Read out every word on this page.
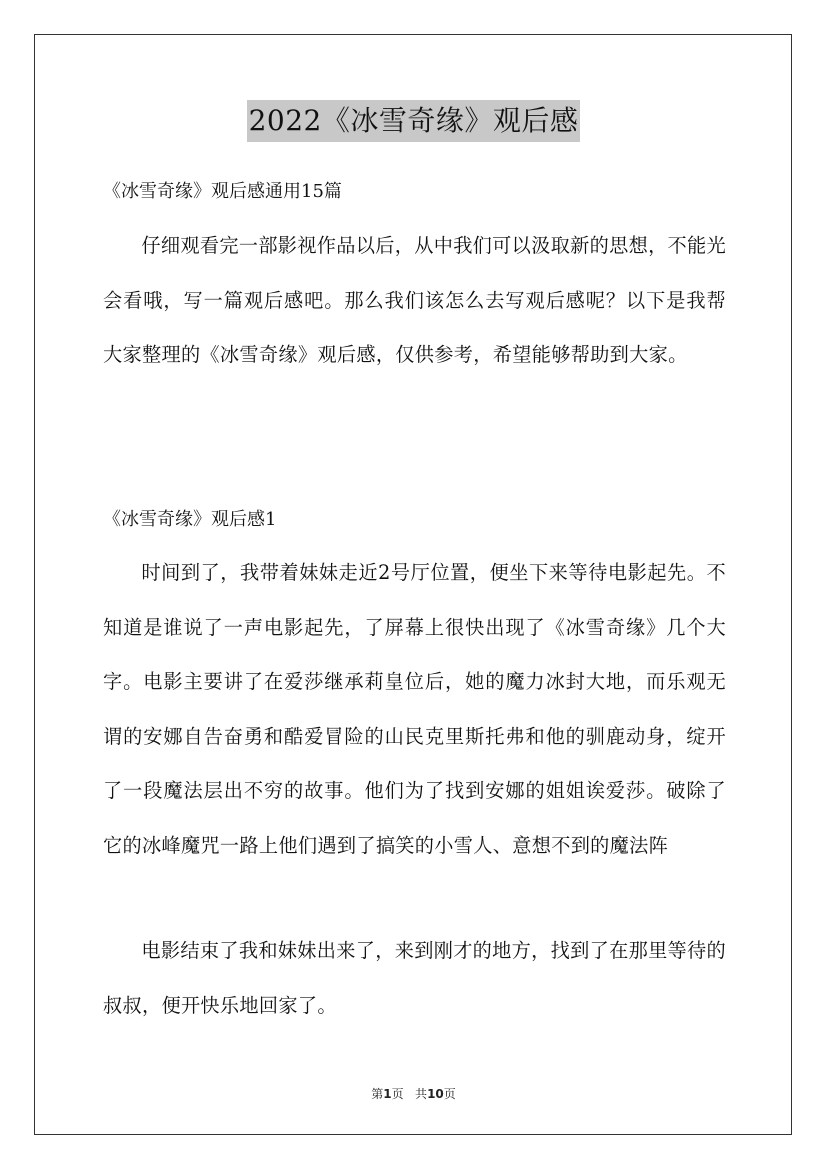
2022《冰雪奇缘》观后感

《冰雪奇缘》观后感通用15篇

仔细观看完一部影视作品以后，从中我们可以汲取新的思想，不能光会看哦，写一篇观后感吧。那么我们该怎么去写观后感呢？以下是我帮大家整理的《冰雪奇缘》观后感，仅供参考，希望能够帮助到大家。

《冰雪奇缘》观后感1

时间到了，我带着妹妹走近2号厅位置，便坐下来等待电影起先。不知道是谁说了一声电影起先，了屏幕上很快出现了《冰雪奇缘》几个大字。电影主要讲了在爱莎继承莉皇位后，她的魔力冰封大地，而乐观无谓的安娜自告奋勇和酷爱冒险的山民克里斯托弗和他的驯鹿动身，绽开了一段魔法层出不穷的故事。他们为了找到安娜的姐姐诶爱莎。破除了它的冰峰魔咒一路上他们遇到了搞笑的小雪人、意想不到的魔法阵

电影结束了我和妹妹出来了，来到刚才的地方，找到了在那里等待的叔叔，便开快乐地回家了。

第1页 共10页
